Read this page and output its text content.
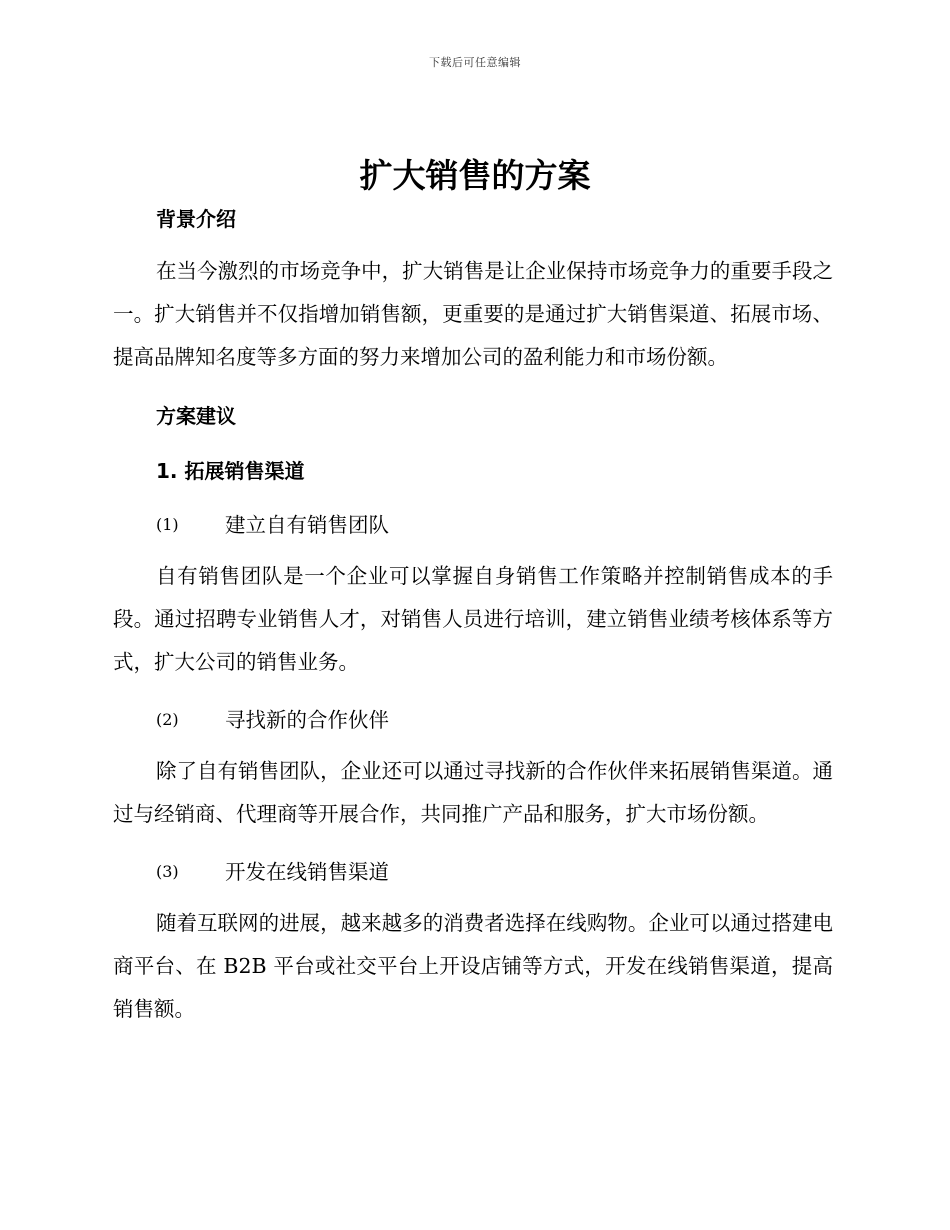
下载后可任意编辑
扩大销售的方案

背景介绍

在当今激烈的市场竞争中，扩大销售是让企业保持市场竞争力的重要手段之一。扩大销售并不仅指增加销售额，更重要的是通过扩大销售渠道、拓展市场、提高品牌知名度等多方面的努力来增加公司的盈利能力和市场份额。

方案建议

1. 拓展销售渠道

(1)	建立自有销售团队

自有销售团队是一个企业可以掌握自身销售工作策略并控制销售成本的手段。通过招聘专业销售人才，对销售人员进行培训，建立销售业绩考核体系等方式，扩大公司的销售业务。

(2)	寻找新的合作伙伴

除了自有销售团队，企业还可以通过寻找新的合作伙伴来拓展销售渠道。通过与经销商、代理商等开展合作，共同推广产品和服务，扩大市场份额。

(3)	开发在线销售渠道

随着互联网的进展，越来越多的消费者选择在线购物。企业可以通过搭建电商平台、在 B2B 平台或社交平台上开设店铺等方式，开发在线销售渠道，提高销售额。
